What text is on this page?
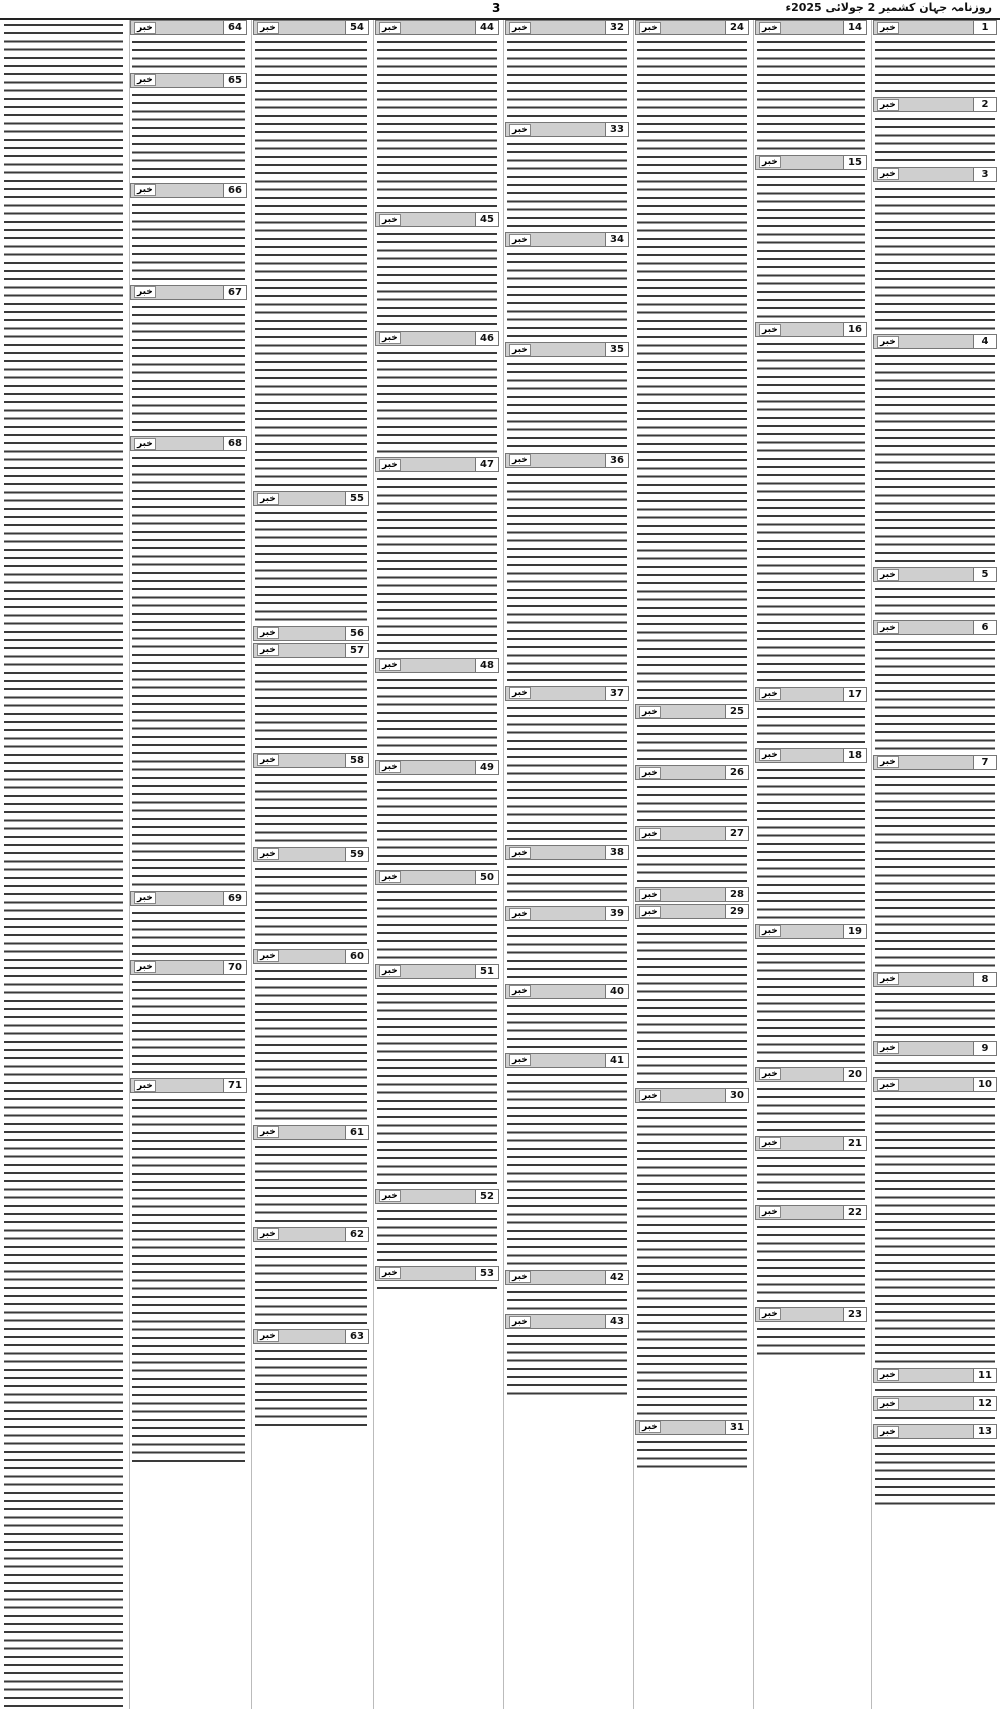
روزنامہ جہان کشمیر 2 جولائی 2025ء
3
خبر	1
خبر	2
خبر	3
خبر	4
خبر	5
خبر	6
خبر	7
خبر	8
خبر	9
خبر	10
خبر	11
خبر	12
خبر	13
خبر	14
خبر	15
خبر	16
خبر	17
خبر	18
خبر	19
خبر	20
خبر	21
خبر	22
خبر	23
خبر	24
خبر	25
خبر	26
خبر	27
خبر	28
خبر	29
خبر	30
خبر	31
خبر	32
خبر	33
خبر	34
خبر	35
خبر	36
خبر	37
خبر	38
خبر	39
خبر	40
خبر	41
خبر	42
خبر	43
خبر	44
خبر	45
خبر	46
خبر	47
خبر	48
خبر	49
خبر	50
خبر	51
خبر	52
خبر	53
خبر	54
خبر	55
خبر	56
خبر	57
خبر	58
خبر	59
خبر	60
خبر	61
خبر	62
خبر	63
خبر	64
خبر	65
خبر	66
خبر	67
خبر	68
خبر	69
خبر	70
خبر	71
